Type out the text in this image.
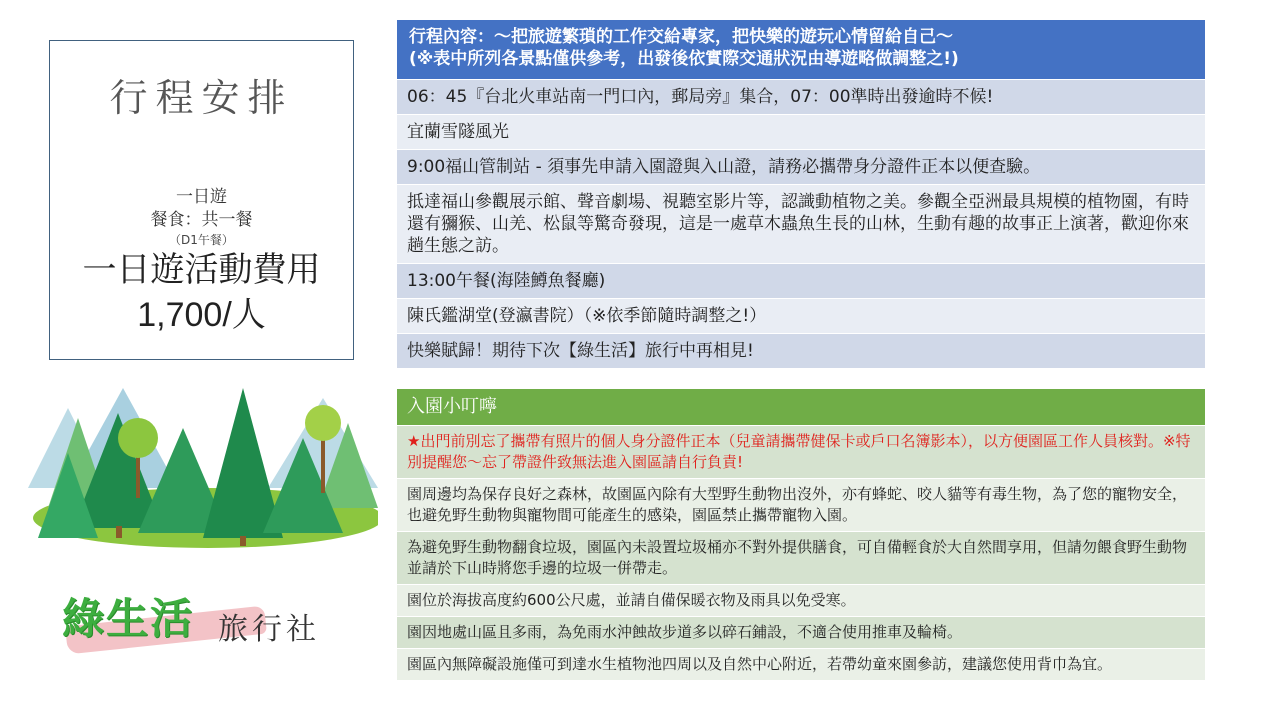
行程安排
一日遊
餐食：共一餐
（D1午餐）
一日遊活動費用
1,700/人
綠生活 旅行社
行程內容：～把旅遊繁瑣的工作交給專家，把快樂的遊玩心情留給自己～
(※表中所列各景點僅供參考，出發後依實際交通狀況由導遊略做調整之!)
06：45『台北火車站南一門口內，郵局旁』集合，07：00準時出發逾時不候!
宜蘭雪隧風光
9:00福山管制站 - 須事先申請入園證與入山證，請務必攜帶身分證件正本以便查驗。
抵達福山參觀展示館、聲音劇場、視聽室影片等，認識動植物之美。參觀全亞洲最具規模的植物園，有時還有獼猴、山羌、松鼠等驚奇發現，這是一處草木蟲魚生長的山林，生動有趣的故事正上演著，歡迎你來趟生態之訪。
13:00午餐(海陸鱒魚餐廳)
陳氏鑑湖堂(登瀛書院）（※依季節隨時調整之!）
快樂賦歸！期待下次【綠生活】旅行中再相見!
入園小叮嚀
★出門前別忘了攜帶有照片的個人身分證件正本（兒童請攜帶健保卡或戶口名簿影本），以方便園區工作人員核對。※特別提醒您～忘了帶證件致無法進入園區請自行負責!
園周邊均為保存良好之森林，故園區內除有大型野生動物出沒外，亦有蜂蛇、咬人貓等有毒生物，為了您的寵物安全，也避免野生動物與寵物間可能產生的感染，園區禁止攜帶寵物入園。
為避免野生動物翻食垃圾，園區內未設置垃圾桶亦不對外提供膳食，可自備輕食於大自然間享用，但請勿餵食野生動物並請於下山時將您手邊的垃圾一併帶走。
園位於海拔高度約600公尺處，並請自備保暖衣物及雨具以免受寒。
園因地處山區且多雨，為免雨水沖蝕故步道多以碎石鋪設，不適合使用推車及輪椅。
園區內無障礙設施僅可到達水生植物池四周以及自然中心附近，若帶幼童來園參訪，建議您使用背巾為宜。
